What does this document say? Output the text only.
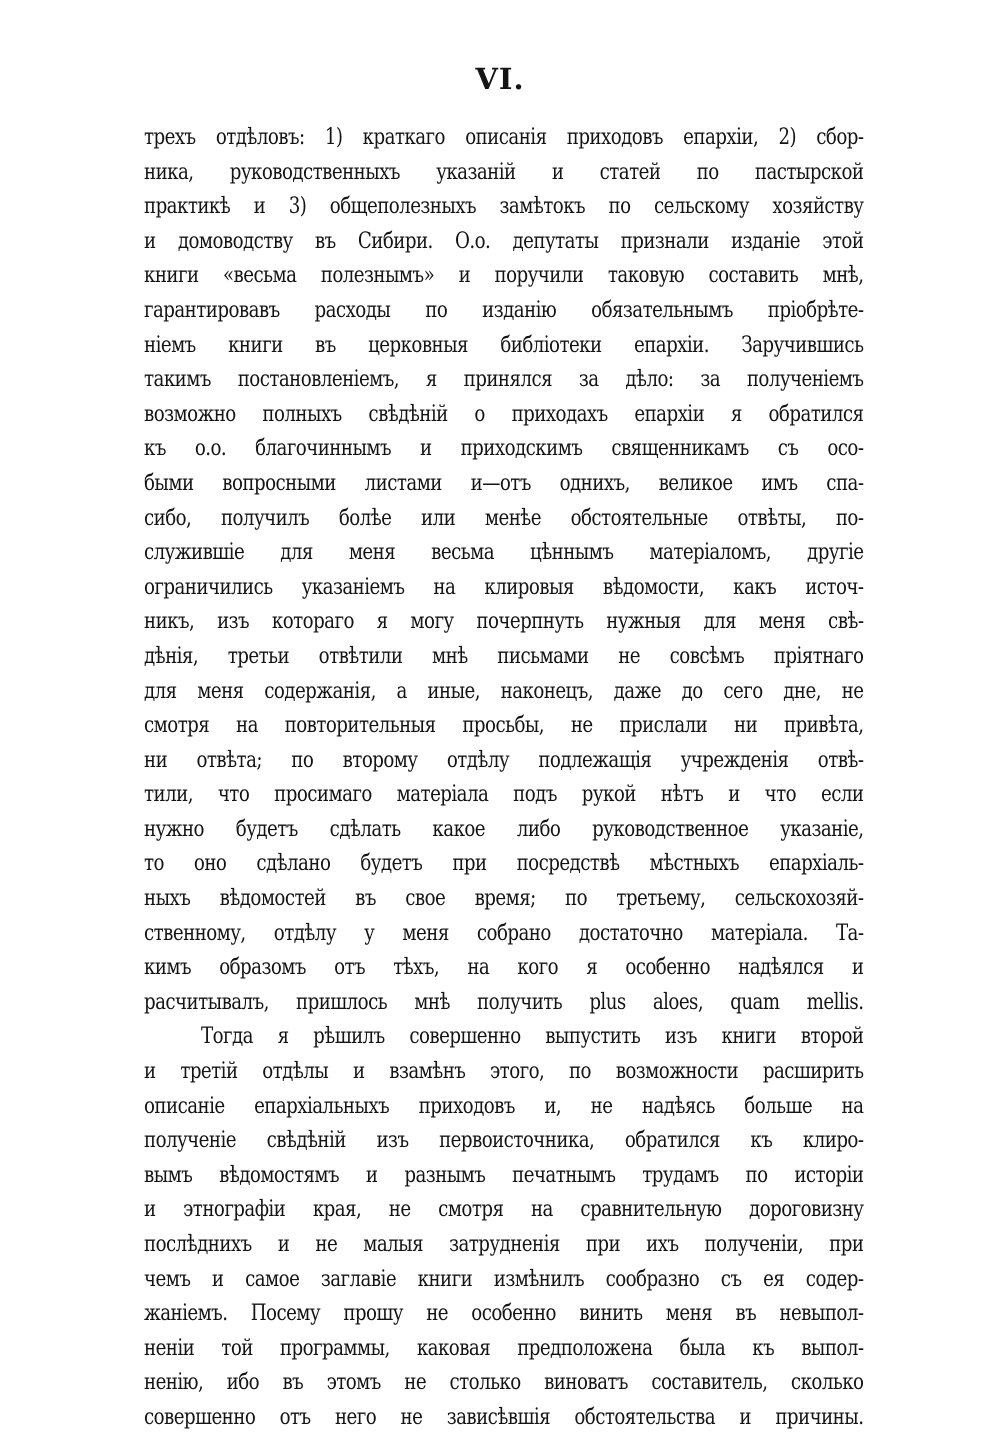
VI.
трехъ отдѣловъ: 1) краткаго описанія приходовъ епархіи, 2) сбор-
ника, руководственныхъ указаній и статей по пастырской
практикѣ и 3) общеполезныхъ замѣтокъ по сельскому хозяйству
и домоводству въ Сибири. О.о. депутаты признали изданіе этой
книги «весьма полезнымъ» и поручили таковую составить мнѣ,
гарантировавъ расходы по изданію обязательнымъ пріобрѣте-
ніемъ книги въ церковныя библіотеки епархіи. Заручившись
такимъ постановленіемъ, я принялся за дѣло: за полученіемъ
возможно полныхъ свѣдѣній о приходахъ епархіи я обратился
къ о.о. благочиннымъ и приходскимъ священникамъ съ осо-
быми вопросными листами и—отъ однихъ, великое имъ спа-
сибо, получилъ болѣе или менѣе обстоятельные отвѣты, по-
служившіе для меня весьма цѣннымъ матеріаломъ, другіе
ограничились указаніемъ на клировыя вѣдомости, какъ источ-
никъ, изъ котораго я могу почерпнуть нужныя для меня свѣ-
дѣнія, третьи отвѣтили мнѣ письмами не совсѣмъ пріятнаго
для меня содержанія, а иные, наконецъ, даже до сего дне, не
смотря на повторительныя просьбы, не прислали ни привѣта,
ни отвѣта; по второму отдѣлу подлежащія учрежденія отвѣ-
тили, что просимаго матеріала подъ рукой нѣтъ и что если
нужно будетъ сдѣлать какое либо руководственное указаніе,
то оно сдѣлано будетъ при посредствѣ мѣстныхъ епархіаль-
ныхъ вѣдомостей въ свое время; по третьему, сельскохозяй-
ственному, отдѣлу у меня собрано достаточно матеріала. Та-
кимъ образомъ отъ тѣхъ, на кого я особенно надѣялся и
расчитывалъ, пришлось мнѣ получить plus aloes, quam mellis.
Тогда я рѣшилъ совершенно выпустить изъ книги второй
и третій отдѣлы и взамѣнъ этого, по возможности расширить
описаніе епархіальныхъ приходовъ и, не надѣясь больше на
полученіе свѣдѣній изъ первоисточника, обратился къ клиро-
вымъ вѣдомостямъ и разнымъ печатнымъ трудамъ по исторіи
и этнографіи края, не смотря на сравнительную дороговизну
послѣднихъ и не малыя затрудненія при ихъ полученіи, при
чемъ и самое заглавіе книги измѣнилъ сообразно съ ея содер-
жаніемъ. Посему прошу не особенно винить меня въ невыпол-
неніи той программы, каковая предположена была къ выпол-
ненію, ибо въ этомъ не столько виноватъ составитель, сколько
совершенно отъ него не зависѣвшія обстоятельства и причины.
